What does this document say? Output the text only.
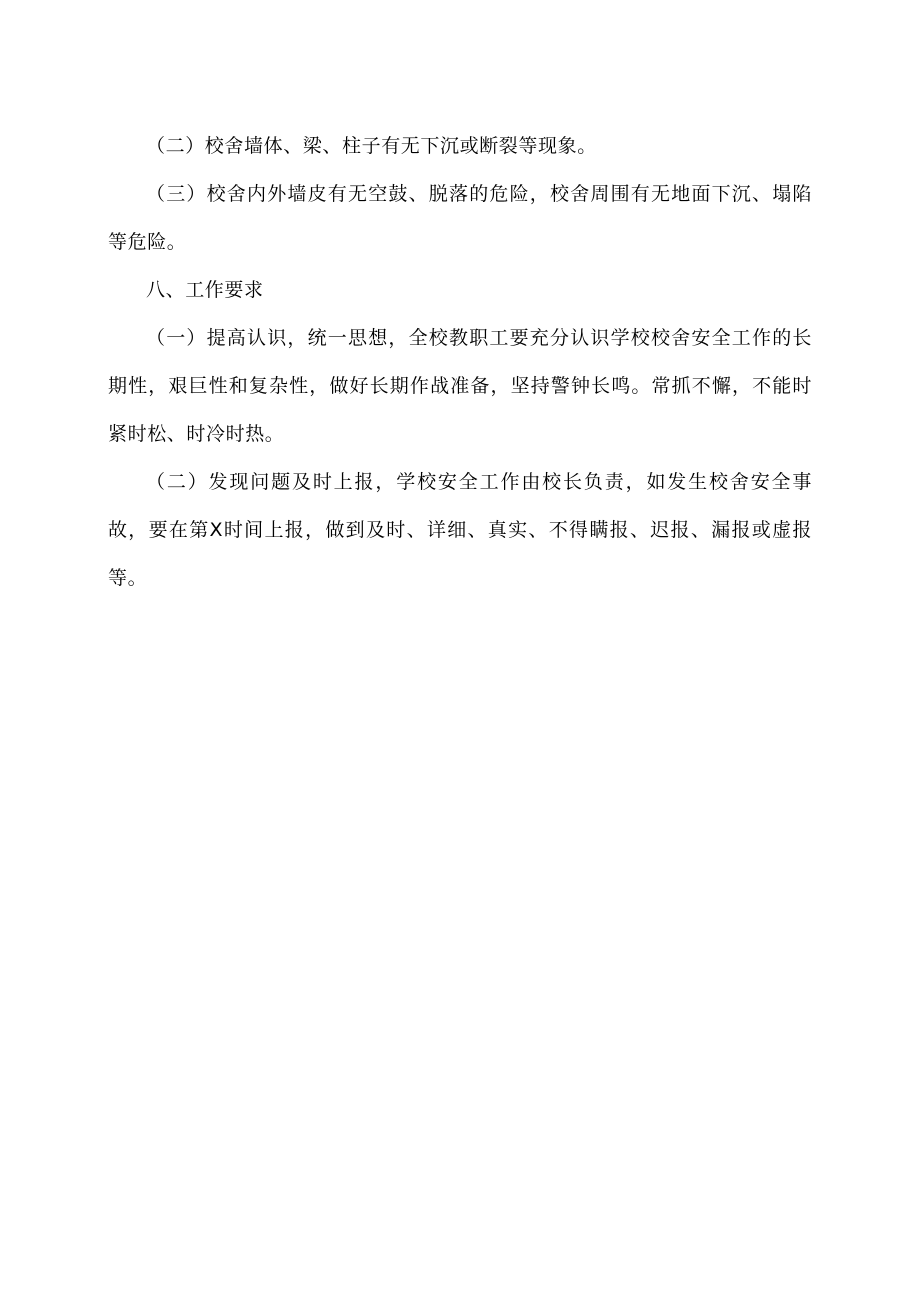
（二）校舍墙体、梁、柱子有无下沉或断裂等现象。

（三）校舍内外墙皮有无空鼓、脱落的危险，校舍周围有无地面下沉、塌陷等危险。

八、工作要求

（一）提高认识，统一思想，全校教职工要充分认识学校校舍安全工作的长期性，艰巨性和复杂性，做好长期作战准备，坚持警钟长鸣。常抓不懈，不能时紧时松、时冷时热。

（二）发现问题及时上报，学校安全工作由校长负责，如发生校舍安全事故，要在第X时间上报，做到及时、详细、真实、不得瞒报、迟报、漏报或虚报等。
